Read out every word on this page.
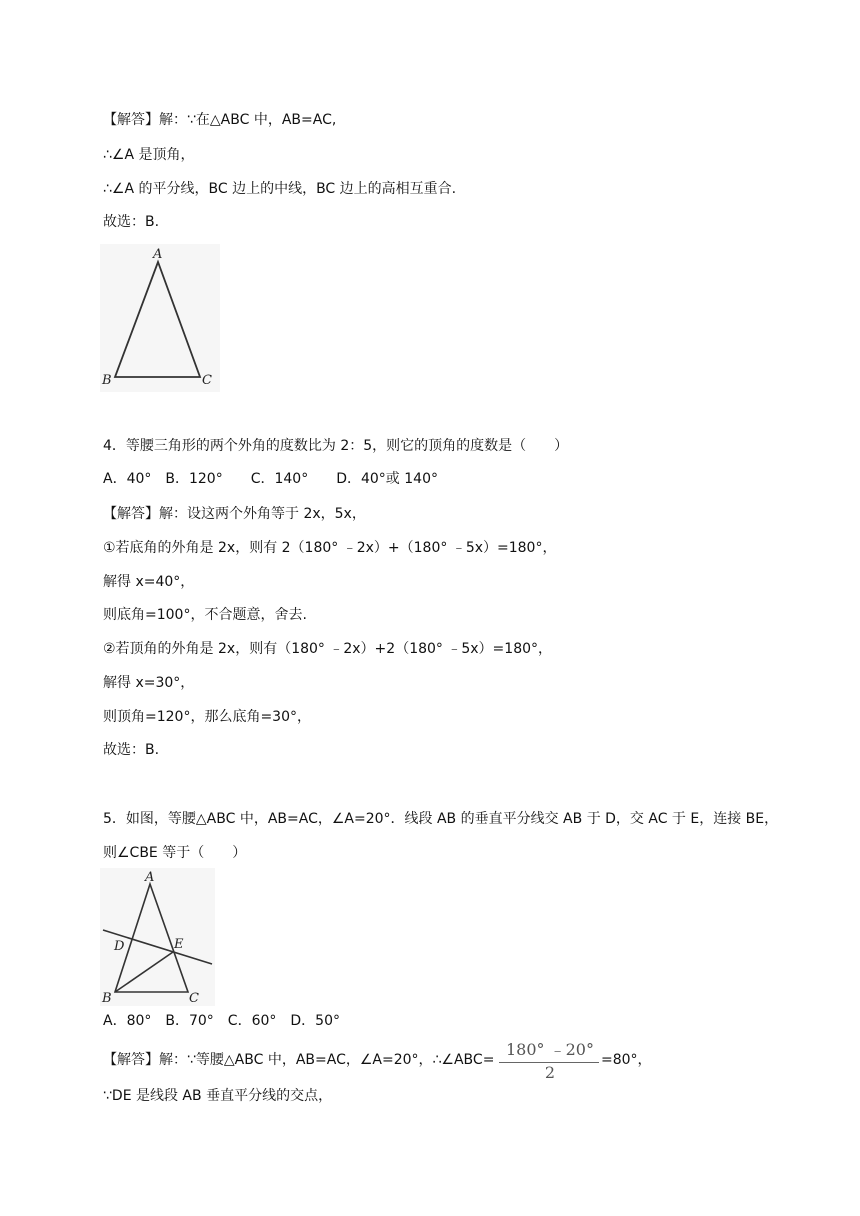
【解答】解：∵在△ABC 中，AB=AC,
∴∠A 是顶角，
∴∠A 的平分线，BC 边上的中线，BC 边上的高相互重合.
故选：B.
A
B	C
4．等腰三角形的两个外角的度数比为 2：5，则它的顶角的度数是（　　）
A．40°　B．120°　　C．140°　　D．40°或 140°
【解答】解：设这两个外角等于 2x，5x，
①若底角的外角是 2x，则有 2（180° ﹣2x）+（180° ﹣5x）=180°，
解得 x=40°，
则底角=100°，不合题意，舍去.
②若顶角的外角是 2x，则有（180° ﹣2x）+2（180° ﹣5x）=180°，
解得 x=30°，
则顶角=120°，那么底角=30°，
故选：B.
5．如图，等腰△ABC 中，AB=AC，∠A=20°．线段 AB 的垂直平分线交 AB 于 D，交 AC 于 E，连接 BE，
则∠CBE 等于（　　）
A
D	E
B	C
A．80°　B．70°　C．60°　D．50°
【解答】解：∵等腰△ABC 中，AB=AC，∠A=20°，∴∠ABC=
180° ﹣20°
2
=80°，
∵DE 是线段 AB 垂直平分线的交点，
